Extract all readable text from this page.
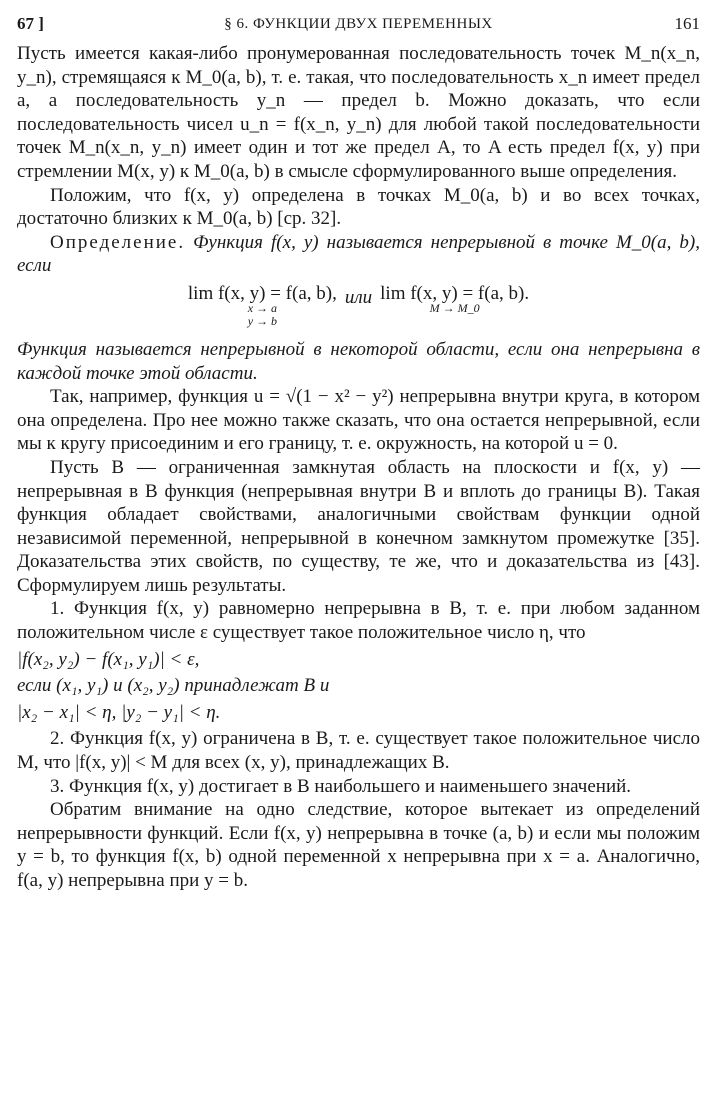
67 ]	§ 6. ФУНКЦИИ ДВУХ ПЕРЕМЕННЫХ	161

Пусть имеется какая-либо пронумерованная последовательность точек M_n(x_n, y_n), стремящаяся к M_0(a, b), т. е. такая, что последовательность x_n имеет предел a, а последовательность y_n — предел b. Можно доказать, что если последовательность чисел u_n = f(x_n, y_n) для любой такой последовательности точек M_n(x_n, y_n) имеет один и тот же предел A, то A есть предел f(x, y) при стремлении M(x, y) к M_0(a, b) в смысле сформулированного выше определения.

Положим, что f(x, y) определена в точках M_0(a, b) и во всех точках, достаточно близких к M_0(a, b) [ср. 32].

Определение. Функция f(x, y) называется непрерывной в точке M_0(a, b), если

lim f(x, y) = f(a, b),
x → a
y → b
или lim f(x, y) = f(a, b).
M → M_0

Функция называется непрерывной в некоторой области, если она непрерывна в каждой точке этой области.

Так, например, функция u = √(1 − x² − y²) непрерывна внутри круга, в котором она определена. Про нее можно также сказать, что она остается непрерывной, если мы к кругу присоединим и его границу, т. е. окружность, на которой u = 0.

Пусть B — ограниченная замкнутая область на плоскости и f(x, y) — непрерывная в B функция (непрерывная внутри B и вплоть до границы B). Такая функция обладает свойствами, аналогичными свойствам функции одной независимой переменной, непрерывной в конечном замкнутом промежутке [35]. Доказательства этих свойств, по существу, те же, что и доказательства из [43]. Сформулируем лишь результаты.

1. Функция f(x, y) равномерно непрерывна в B, т. е. при любом заданном положительном числе ε существует такое положительное число η, что

|f(x₂, y₂) − f(x₁, y₁)| < ε,

если (x₁, y₁) и (x₂, y₂) принадлежат B и

|x₂ − x₁| < η, |y₂ − y₁| < η.

2. Функция f(x, y) ограничена в B, т. е. существует такое положительное число M, что |f(x, y)| < M для всех (x, y), принадлежащих B.

3. Функция f(x, y) достигает в B наибольшего и наименьшего значений.

Обратим внимание на одно следствие, которое вытекает из определений непрерывности функций. Если f(x, y) непрерывна в точке (a, b) и если мы положим y = b, то функция f(x, b) одной переменной x непрерывна при x = a. Аналогично, f(a, y) непрерывна при y = b.
